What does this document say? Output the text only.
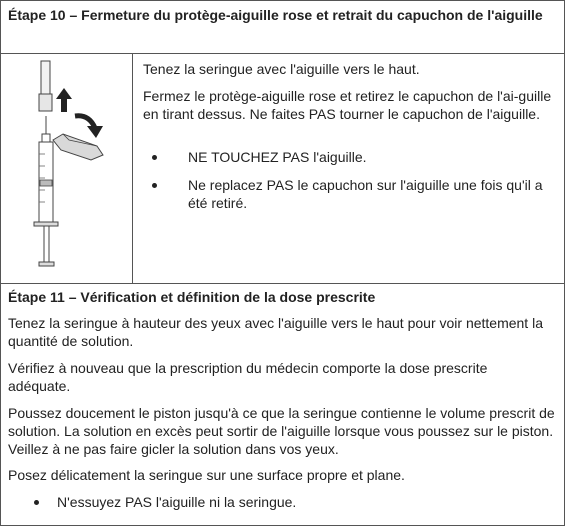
Étape 10 – Fermeture du protège-aiguille rose et retrait du capuchon de l'aiguille

Tenez la seringue avec l'aiguille vers le haut.

Fermez le protège-aiguille rose et retirez le capuchon de l'ai-guille en tirant dessus. Ne faites PAS tourner le capuchon de l'aiguille.

NE TOUCHEZ PAS l'aiguille.
Ne replacez PAS le capuchon sur l'aiguille une fois qu'il a été retiré.
Étape 11 – Vérification et définition de la dose prescrite

Tenez la seringue à hauteur des yeux avec l'aiguille vers le haut pour voir nettement la quantité de solution.

Vérifiez à nouveau que la prescription du médecin comporte la dose prescrite adéquate.

Poussez doucement le piston jusqu'à ce que la seringue contienne le volume prescrit de solution. La solution en excès peut sortir de l'aiguille lorsque vous poussez sur le piston. Veillez à ne pas faire gicler la solution dans vos yeux.

Posez délicatement la seringue sur une surface propre et plane.

N'essuyez PAS l'aiguille ni la seringue.
